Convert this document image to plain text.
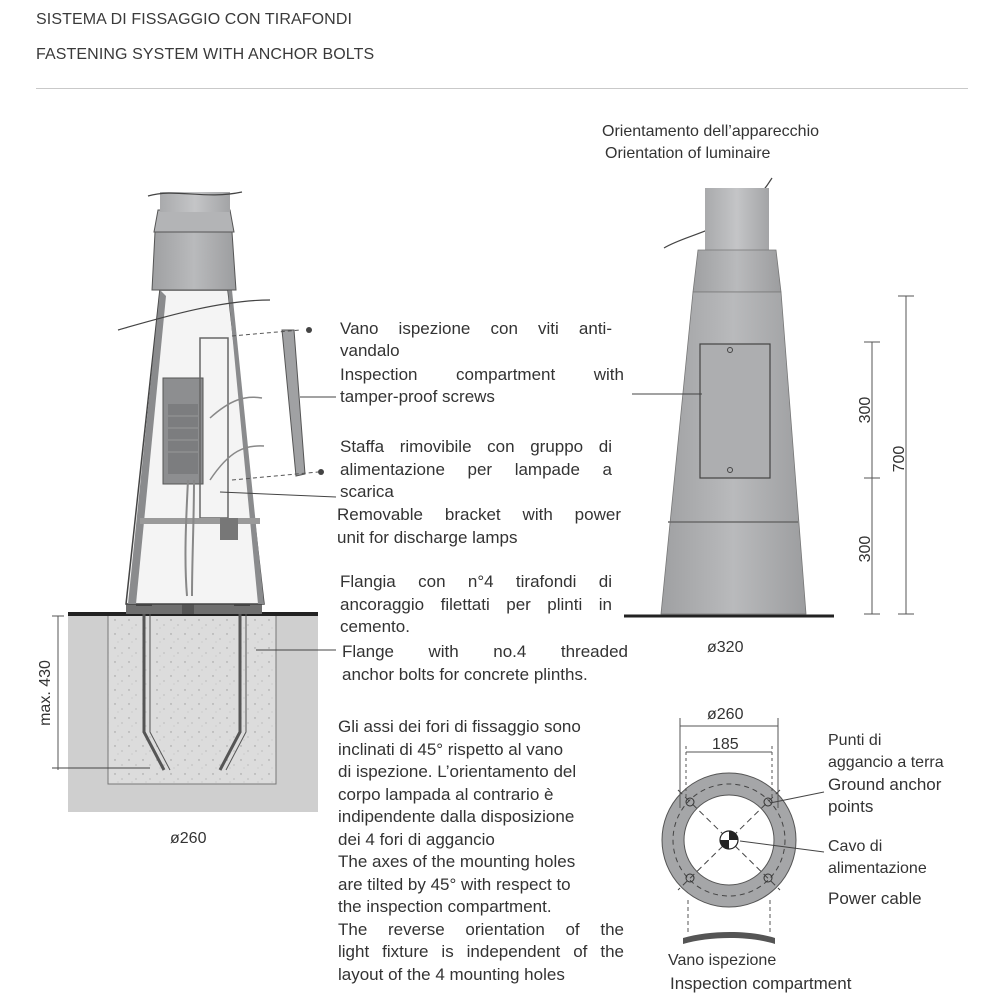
SISTEMA DI FISSAGGIO CON TIRAFONDI
FASTENING SYSTEM WITH ANCHOR BOLTS
Vano ispezione con viti anti-

vandalo
Inspection compartment with
tamper-proof screws
Staffa rimovibile con gruppo di
alimentazione per lampade a
scarica
Removable bracket with power
unit for discharge lamps
Flangia con n°4 tirafondi di
ancoraggio filettati per plinti in
cemento.
Flange with no.4 threaded
anchor bolts for concrete plinths.
max. 430
ø260
Gli assi dei fori di fissaggio sono
inclinati di 45° rispetto al vano
di ispezione. L’orientamento del
corpo lampada al contrario è
indipendente dalla disposizione
dei 4 fori di aggancio
The axes of the mounting holes
are tilted by 45° with respect to
the inspection compartment.
The reverse orientation of the
light fixture is independent of the
layout of the 4 mounting holes
Orientamento dell’apparecchio
Orientation of luminaire
300
300
700
ø320
ø260
185	Punti di
aggancio a terra
Ground anchor
points
Cavo di
alimentazione
Power cable
Vano ispezione
Inspection compartment
